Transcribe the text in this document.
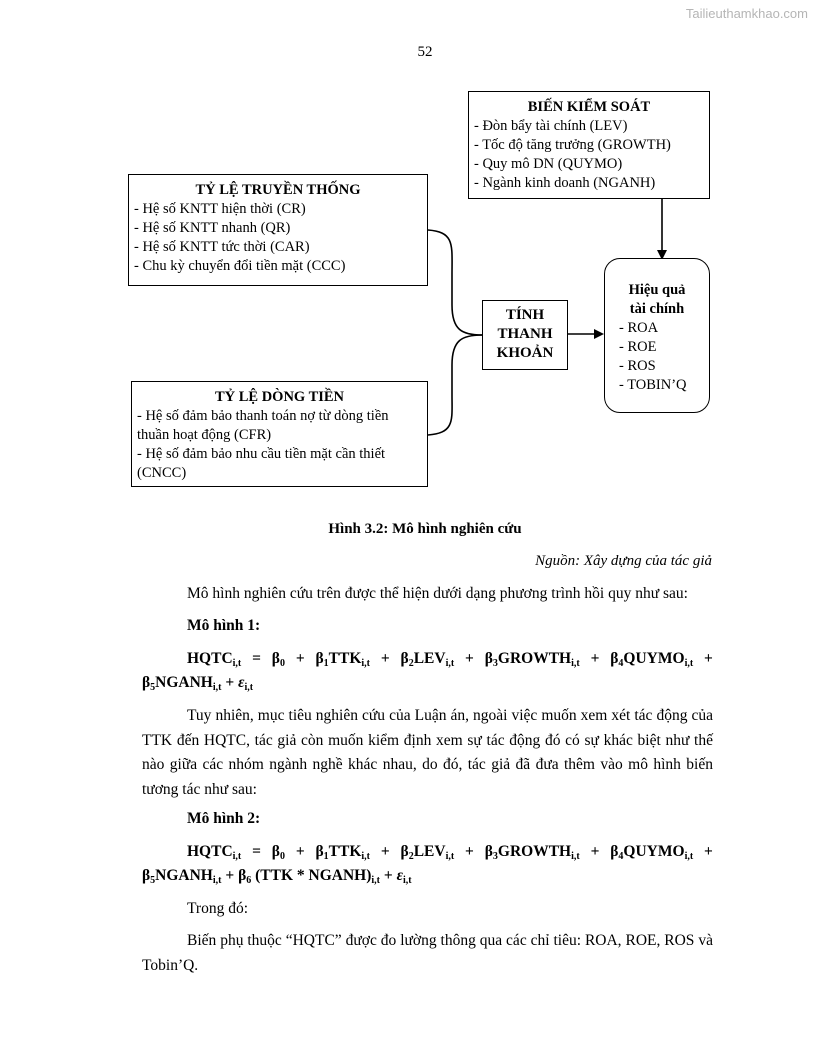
Tailieuthamkhao.com
52
BIẾN KIỂM SOÁT
- Đòn bẩy tài chính (LEV)
- Tốc độ tăng trưởng (GROWTH)
- Quy mô DN (QUYMO)
- Ngành kinh doanh (NGANH)
TỶ LỆ TRUYỀN THỐNG
- Hệ số KNTT hiện thời (CR)
- Hệ số KNTT nhanh (QR)
- Hệ số KNTT tức thời (CAR)
- Chu kỳ chuyển đổi tiền mặt (CCC)
TỶ LỆ DÒNG TIỀN
- Hệ số đảm bảo thanh toán nợ từ dòng tiền
thuần hoạt động (CFR)
- Hệ số đảm bảo nhu cầu tiền mặt cần thiết
(CNCC)
TÍNH
THANH
KHOẢN
Hiệu quả
tài chính
- ROA
- ROE
- ROS
- TOBIN’Q
Hình 3.2: Mô hình nghiên cứu
Nguồn: Xây dựng của tác giả
Mô hình nghiên cứu trên được thể hiện dưới dạng phương trình hồi quy như sau:
Mô hình 1:
$HQTC_{i,t} = \beta_0 + \beta_1TTK_{i,t} + \beta_2LEV_{i,t}$ + $\beta_3GROWTH_{i,t}$ + $\beta_4QUYMO_{i,t}$ +
$\beta_5NGANH_{i,t} + \varepsilon_{i,t}$
Tuy nhiên, mục tiêu nghiên cứu của Luận án, ngoài việc muốn xem xét tác động của TTK đến HQTC, tác giả còn muốn kiểm định xem sự tác động đó có sự khác biệt như thế nào giữa các nhóm ngành nghề khác nhau, do đó, tác giả đã đưa thêm vào mô hình biến tương tác như sau:
Mô hình 2:
$HQTC_{i,t} = \beta_0 + \beta_1TTK_{i,t} + \beta_2LEV_{i,t}$ + $\beta_3GROWTH_{i,t}$ + $\beta_4QUYMO_{i,t}$ +
$\beta_5NGANH_{i,t} + \beta_6$ $(TTK * NGANH)_{i,t} + \varepsilon_{i,t}$
Trong đó:
Biến phụ thuộc “HQTC” được đo lường thông qua các chỉ tiêu: ROA, ROE, ROS và Tobin’Q.
